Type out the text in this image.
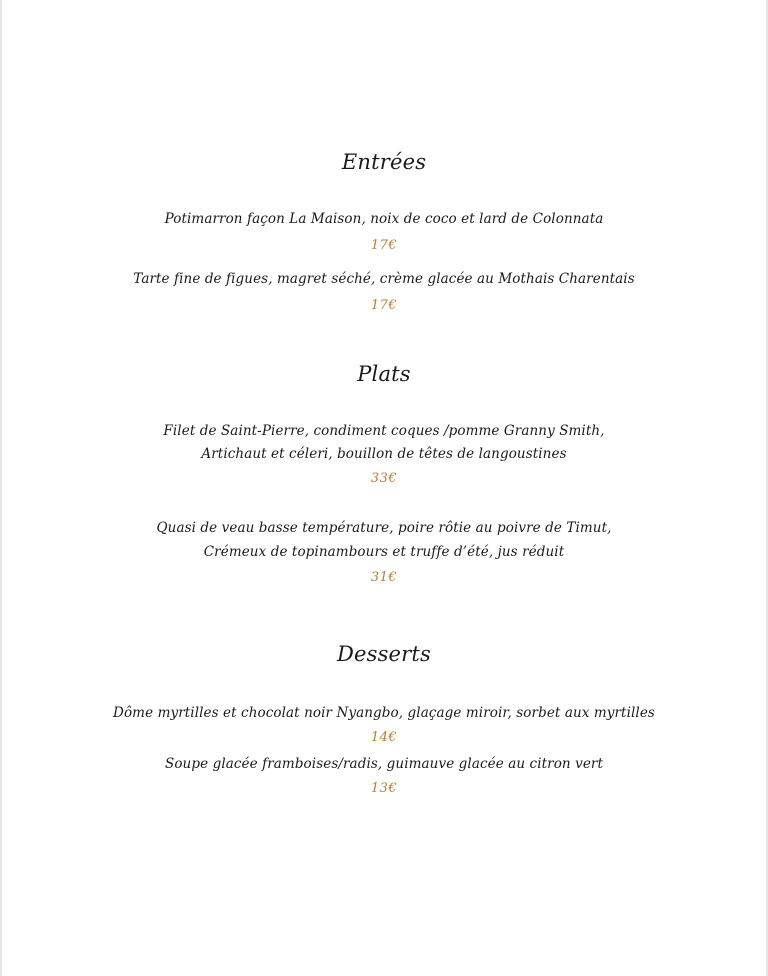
Entrées
Potimarron façon La Maison, noix de coco et lard de Colonnata
17€
Tarte fine de figues, magret séché, crème glacée au Mothais Charentais
17€
Plats
Filet de Saint-Pierre, condiment coques /pomme Granny Smith,
Artichaut et céleri, bouillon de têtes de langoustines
33€
Quasi de veau basse température, poire rôtie au poivre de Timut,
Crémeux de topinambours et truffe d’été, jus réduit
31€
Desserts
Dôme myrtilles et chocolat noir Nyangbo, glaçage miroir, sorbet aux myrtilles
14€
Soupe glacée framboises/radis, guimauve glacée au citron vert
13€
